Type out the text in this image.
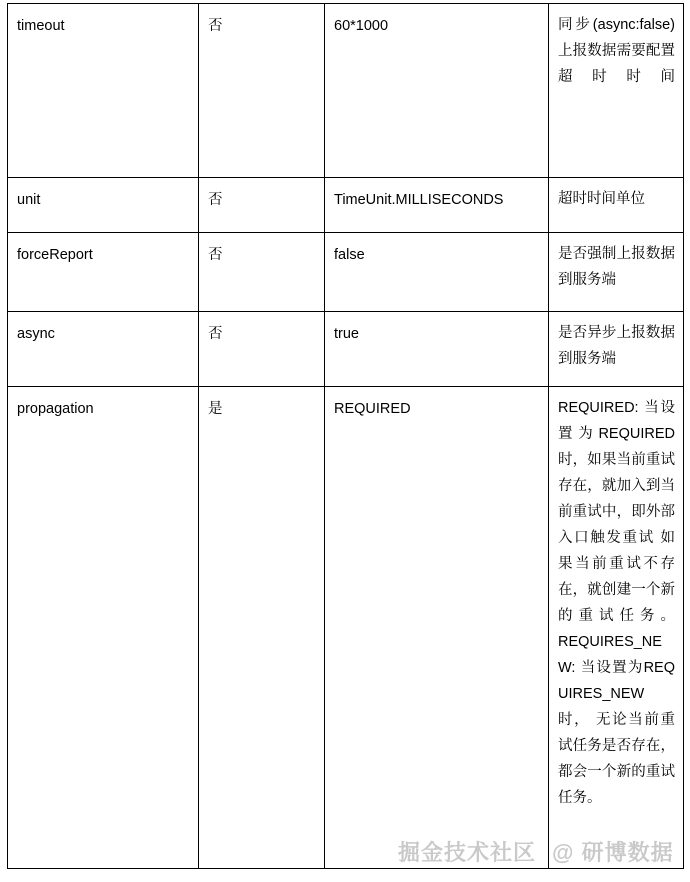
timeout	否	60*1000	同步(async:false)上报数据需要配置超时时间

unit	否	TimeUnit.MILLISECONDS	超时时间单位

forceReport	否	false	是否强制上报数据到服务端

async	否	true	是否异步上报数据到服务端

propagation	是	REQUIRED	REQUIRED: 当设置为REQUIRED 时，如果当前重试存在，就加入到当前重试中，即外部入口触发重试 如果当前重试不存在，就创建一个新的重试任务。
REQUIRES_NEW: 当设置为REQUIRES_NEW 时， 无论当前重试任务是否存在，都会一个新的重试任务。
掘金技术社区 @ 研博数据
